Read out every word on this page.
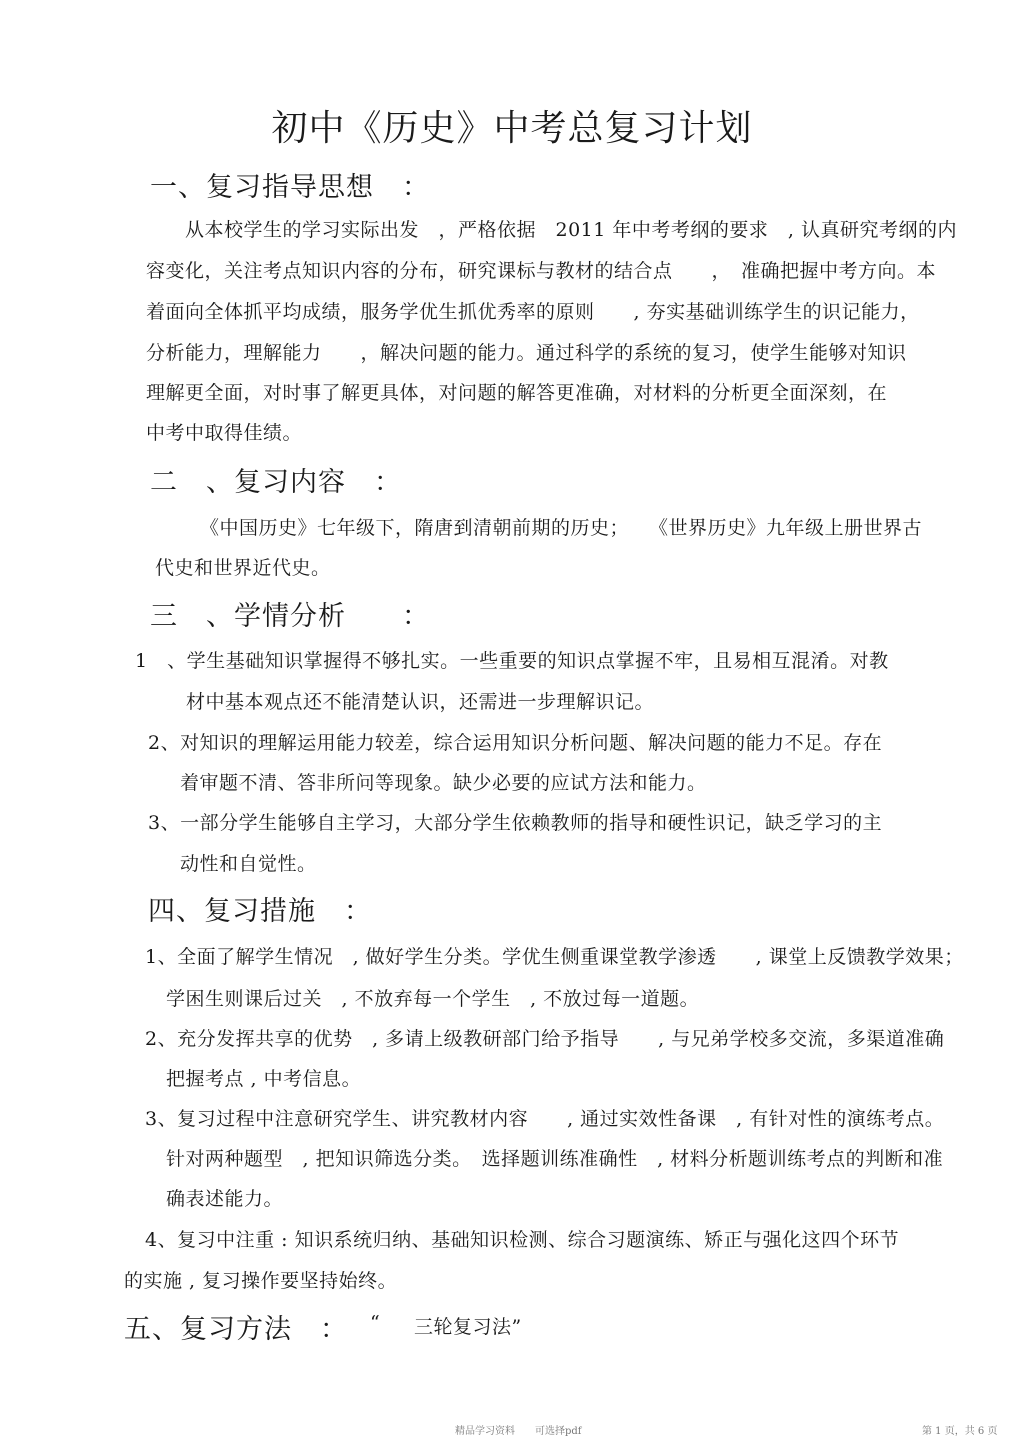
初中《历史》中考总复习计划
一、复习指导思想　：
从本校学生的学习实际出发　，严格依据　2011 年中考考纲的要求　, 认真研究考纲的内
容变化，关注考点知识内容的分布，研究课标与教材的结合点　　，　准确把握中考方向。本
着面向全体抓平均成绩，服务学优生抓优秀率的原则　　, 夯实基础训练学生的识记能力，
分析能力，理解能力　　，解决问题的能力。通过科学的系统的复习，使学生能够对知识
理解更全面，对时事了解更具体，对问题的解答更准确，对材料的分析更全面深刻，在
中考中取得佳绩。
二　、复习内容　：
《中国历史》七年级下，隋唐到清朝前期的历史；　　《世界历史》九年级上册世界古
代史和世界近代史。
三　、学情分析　　：
1　、学生基础知识掌握得不够扎实。一些重要的知识点掌握不牢，且易相互混淆。对教
材中基本观点还不能清楚认识，还需进一步理解识记。
2、对知识的理解运用能力较差，综合运用知识分析问题、解决问题的能力不足。存在
着审题不清、答非所问等现象。缺少必要的应试方法和能力。
3、一部分学生能够自主学习，大部分学生依赖教师的指导和硬性识记，缺乏学习的主
动性和自觉性。
四、复习措施　：
1、全面了解学生情况　, 做好学生分类。学优生侧重课堂教学渗透　　, 课堂上反馈教学效果；
学困生则课后过关　, 不放弃每一个学生　, 不放过每一道题。
2、充分发挥共享的优势　, 多请上级教研部门给予指导　　, 与兄弟学校多交流，多渠道准确
把握考点 , 中考信息。
3、复习过程中注意研究学生、讲究教材内容　　, 通过实效性备课　, 有针对性的演练考点。
针对两种题型　, 把知识筛选分类。　选择题训练准确性　, 材料分析题训练考点的判断和准
确表述能力。
4、复习中注重 : 知识系统归纳、基础知识检测、综合习题演练、矫正与强化这四个环节
的实施 , 复习操作要坚持始终。
五、复习方法　： “ 三轮复习法”
精品学习资料　　可选择pdf	第 1 页，共 6 页
